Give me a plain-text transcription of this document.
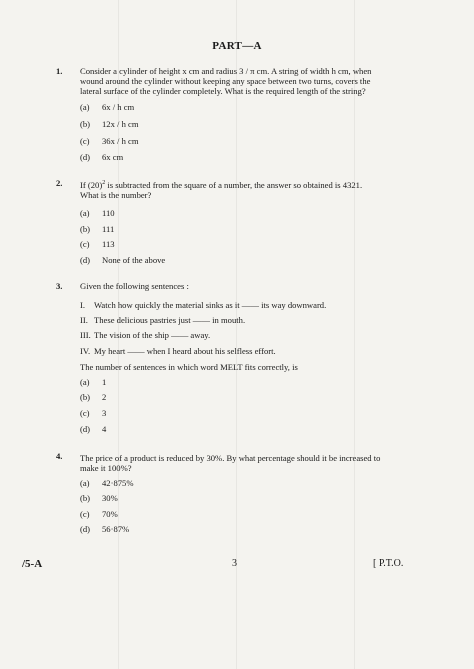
PART—A
1. Consider a cylinder of height x cm and radius 3 / π cm. A string of width h cm, when
wound around the cylinder without keeping any space between two turns, covers the
lateral surface of the cylinder completely. What is the required length of the string?
(a) 6x / h cm
(b) 12x / h cm
(c) 36x / h cm
(d) 6x cm
2. If $(20)^2$ is subtracted from the square of a number, the answer so obtained is 4321.
What is the number?
(a) 110
(b) 111
(c) 113
(d) None of the above
3. Given the following sentences :
I. Watch how quickly the material sinks as it —— its way downward.
II. These delicious pastries just —— in mouth.
III. The vision of the ship —— away.
IV. My heart —— when I heard about his selfless effort.
The number of sentences in which word MELT fits correctly, is
(a) 1
(b) 2
(c) 3
(d) 4
4. The price of a product is reduced by 30%. By what percentage should it be increased to
make it 100%?
(a) 42·875%
(b) 30%
(c) 70%
(d) 56·87%
/5-A	3	[ P.T.O.
